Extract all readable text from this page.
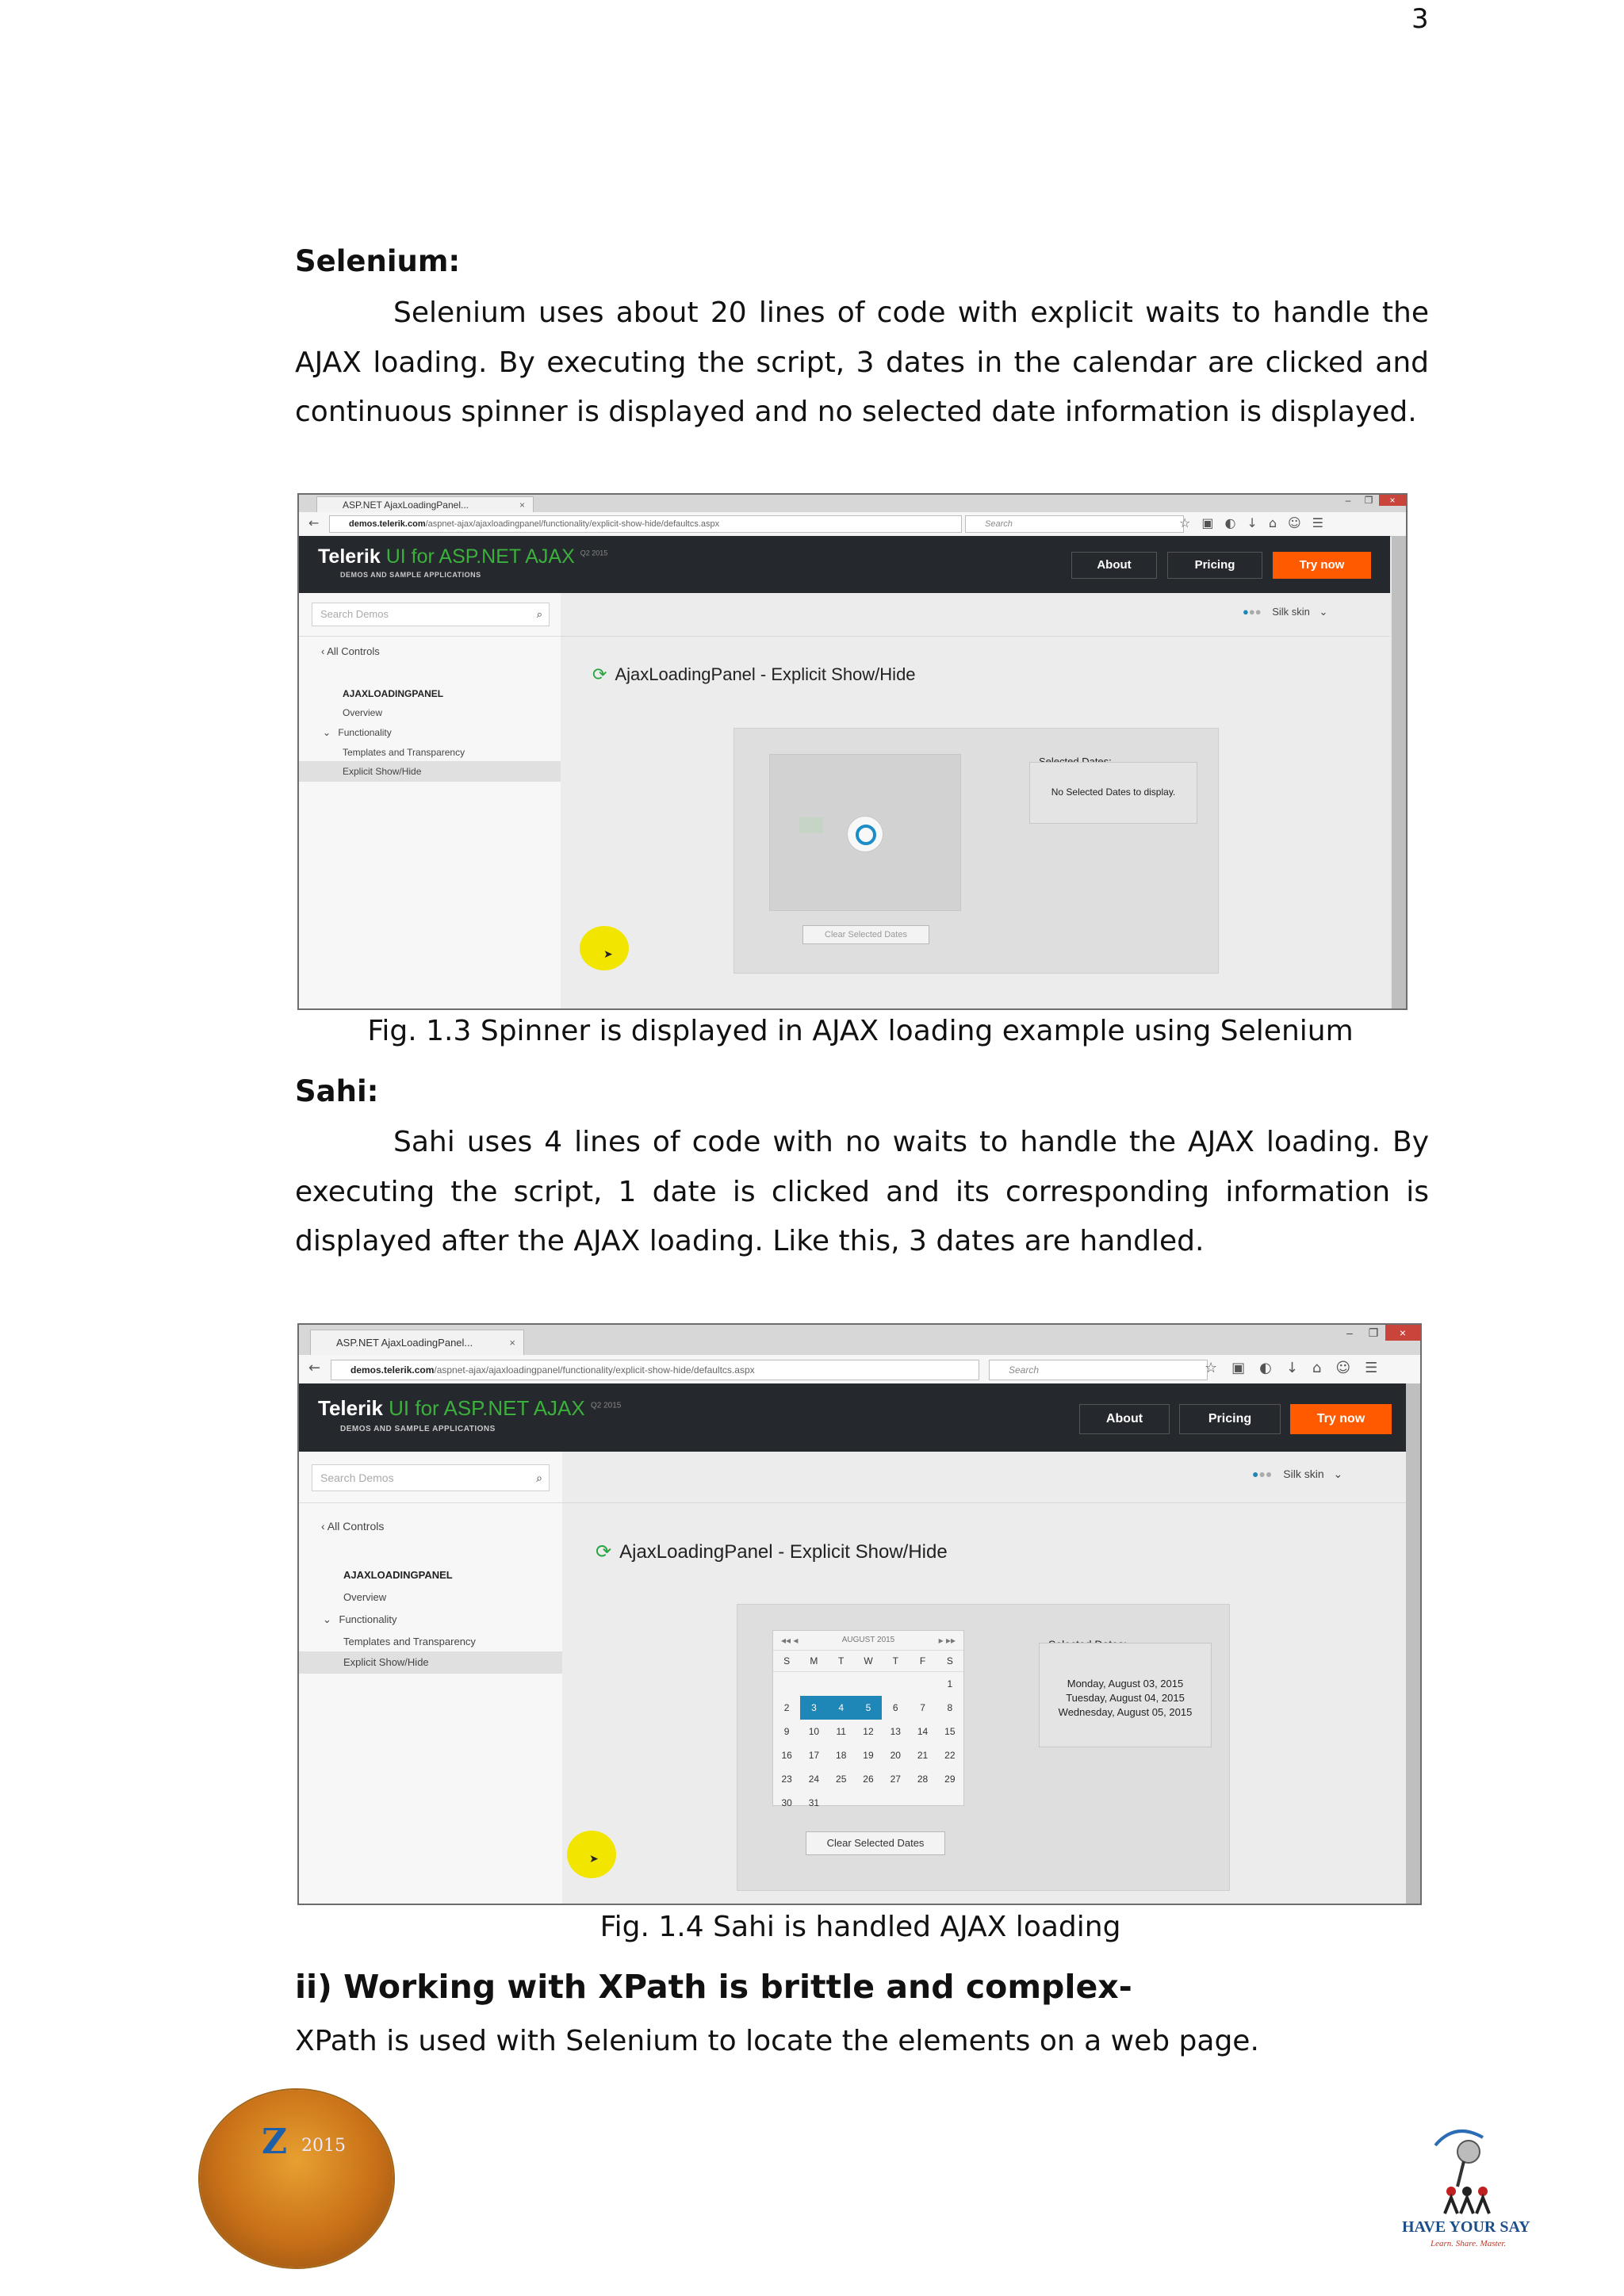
3
Selenium:
Selenium uses about 20 lines of code with explicit waits to handle the AJAX loading. By executing the script, 3 dates in the calendar are clicked and continuous spinner is displayed and no selected date information is displayed.
ASP.NET AjaxLoadingPanel...	×	–	❐	×
←	demos.telerik.com/aspnet-ajax/ajaxloadingpanel/functionality/explicit-show-hide/defaultcs.aspx	Search	☆▣◐↓⌂☺☰
Telerik UI for ASP.NET AJAX $^{Q2 2015}$
DEMOS AND SAMPLE APPLICATIONS
About	Pricing	Try now
Search Demos	⌕
‹ All Controls
AJAXLOADINGPANEL
Overview
⌄ Functionality
Templates and Transparency
Explicit Show/Hide
●●● Silk skin ⌄
⟳ AjaxLoadingPanel - Explicit Show/Hide
Clear Selected Dates
No Selected Dates to display.
➤
Fig. 1.3 Spinner is displayed in AJAX loading example using Selenium
Sahi:
Sahi uses 4 lines of code with no waits to handle the AJAX loading. By executing the script, 1 date is clicked and its corresponding information is displayed after the AJAX loading. Like this, 3 dates are handled.
ASP.NET AjaxLoadingPanel...	×
–	❐	×
←	demos.telerik.com/aspnet-ajax/ajaxloadingpanel/functionality/explicit-show-hide/defaultcs.aspx	Search	☆▣◐↓⌂☺☰
Telerik UI for ASP.NET AJAX $^{Q2 2015}$
DEMOS AND SAMPLE APPLICATIONS
About	Pricing	Try now
Search Demos	⌕
‹ All Controls
AJAXLOADINGPANEL
Overview
⌄ Functionality
Templates and Transparency
Explicit Show/Hide
●●● Silk skin ⌄
⟳ AjaxLoadingPanel - Explicit Show/Hide
◂◂ ◂	AUGUST 2015	▸ ▸▸
S	M	T	W	T	F	S
						1
2	3	4	5	6	7	8
9	10	11	12	13	14	15
16	17	18	19	20	21	22
23	24	25	26	27	28	29
30	31					
Clear Selected Dates
Monday, August 03, 2015 Tuesday, August 04, 2015 Wednesday, August 05, 2015
➤
Fig. 1.4 Sahi is handled AJAX loading
ii) Working with XPath is brittle and complex-
XPath is used with Selenium to locate the elements on a web page.
Z 2015
HAVE YOUR SAY
Learn. Share. Master.
